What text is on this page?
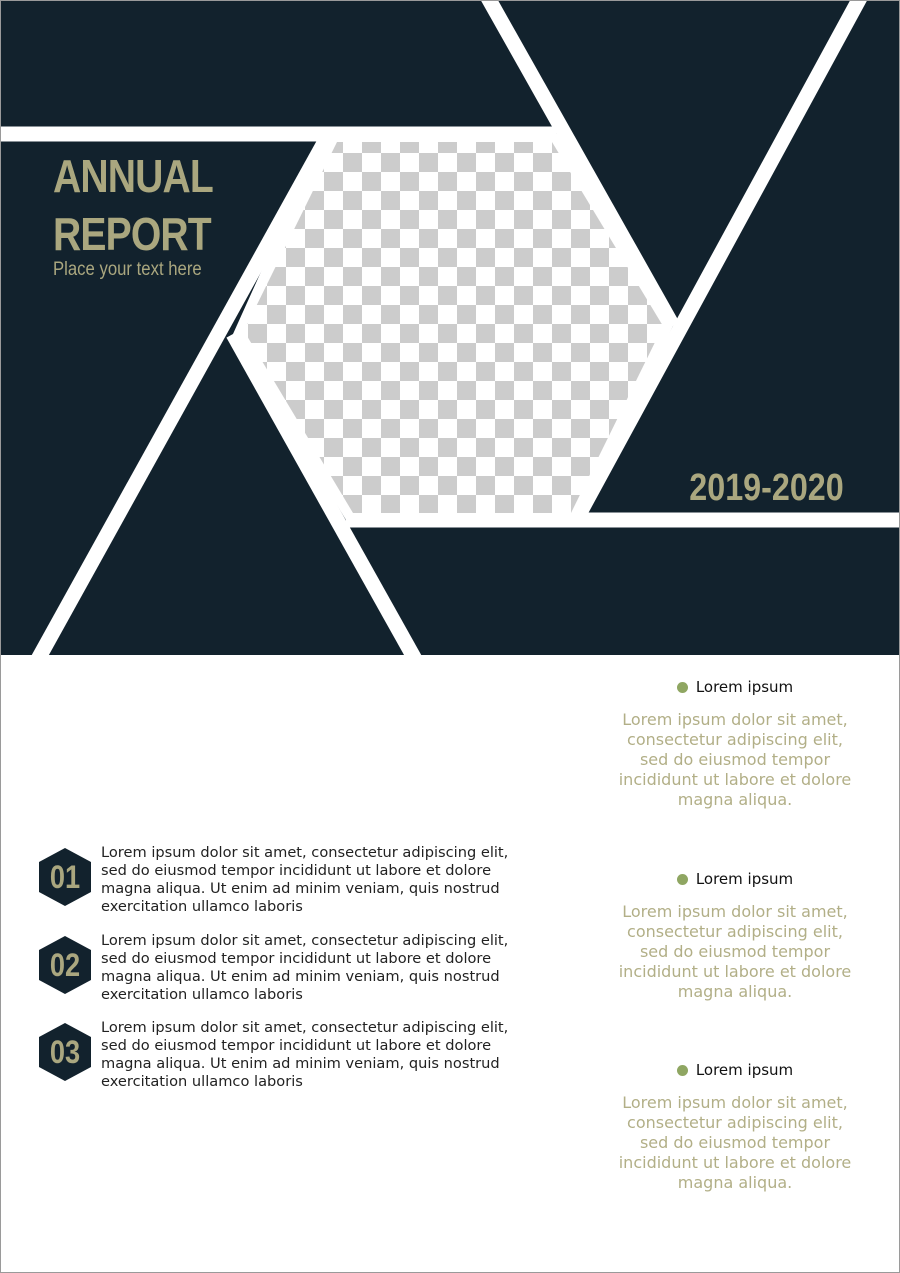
ANNUAL
REPORT
Place your text here
2019-2020
01

Lorem ipsum dolor sit amet, consectetur adipiscing elit, sed do eiusmod tempor incididunt ut labore et dolore magna aliqua. Ut enim ad minim veniam, quis nostrud exercitation ullamco laboris

02

Lorem ipsum dolor sit amet, consectetur adipiscing elit, sed do eiusmod tempor incididunt ut labore et dolore magna aliqua. Ut enim ad minim veniam, quis nostrud exercitation ullamco laboris

03

Lorem ipsum dolor sit amet, consectetur adipiscing elit, sed do eiusmod tempor incididunt ut labore et dolore magna aliqua. Ut enim ad minim veniam, quis nostrud exercitation ullamco laboris

Lorem ipsum

Lorem ipsum dolor sit amet, consectetur adipiscing elit, sed do eiusmod tempor incididunt ut labore et dolore magna aliqua.

Lorem ipsum

Lorem ipsum dolor sit amet, consectetur adipiscing elit, sed do eiusmod tempor incididunt ut labore et dolore magna aliqua.

Lorem ipsum

Lorem ipsum dolor sit amet, consectetur adipiscing elit, sed do eiusmod tempor incididunt ut labore et dolore magna aliqua.
